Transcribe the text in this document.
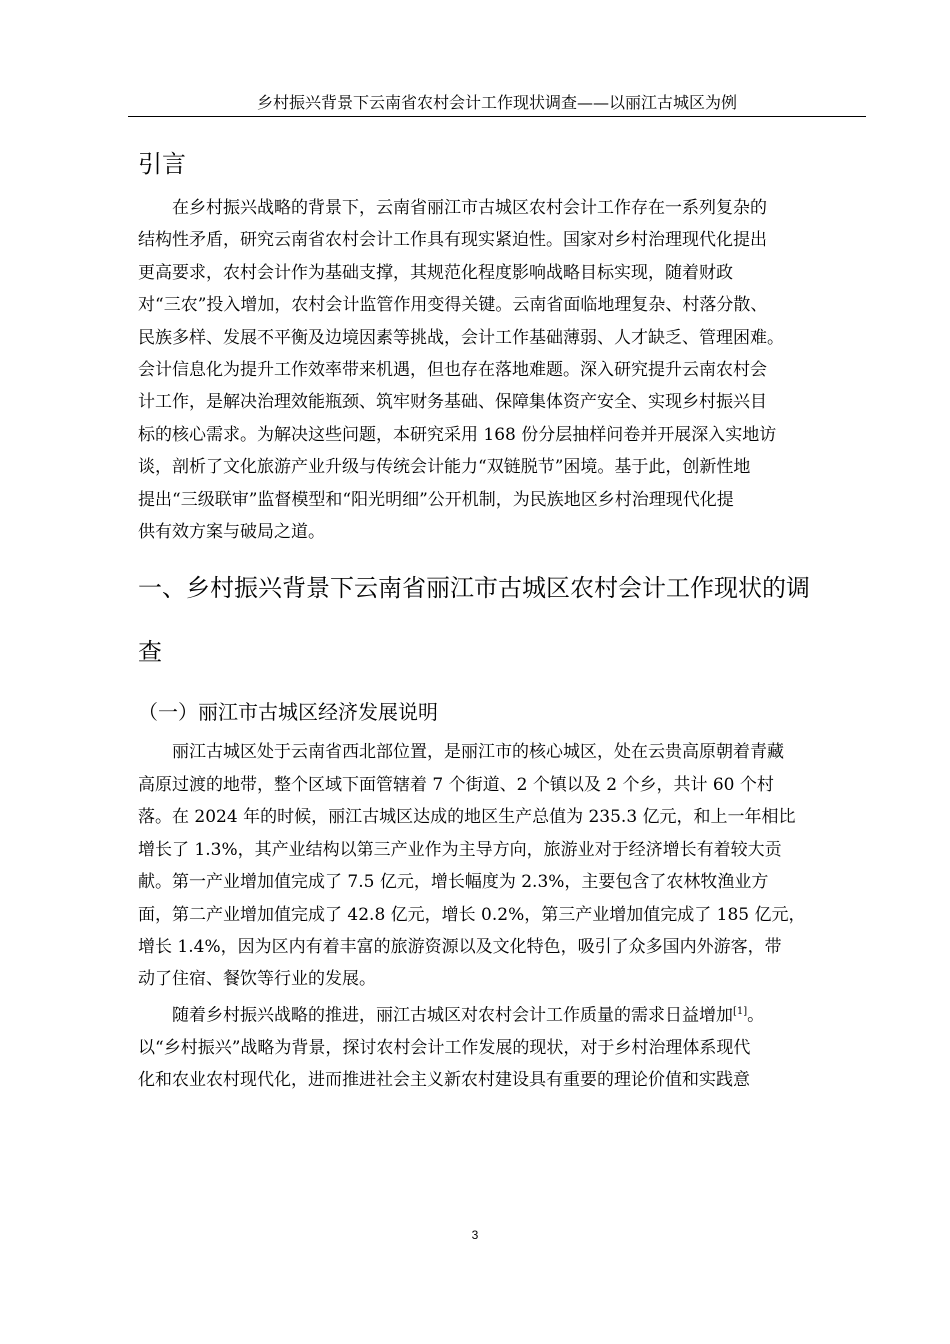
乡村振兴背景下云南省农村会计工作现状调查——以丽江古城区为例
引言

在乡村振兴战略的背景下，云南省丽江市古城区农村会计工作存在一系列复杂的
结构性矛盾，研究云南省农村会计工作具有现实紧迫性。国家对乡村治理现代化提出
更高要求，农村会计作为基础支撑，其规范化程度影响战略目标实现，随着财政
对“三农”投入增加，农村会计监管作用变得关键。云南省面临地理复杂、村落分散、
民族多样、发展不平衡及边境因素等挑战，会计工作基础薄弱、人才缺乏、管理困难。
会计信息化为提升工作效率带来机遇，但也存在落地难题。深入研究提升云南农村会
计工作，是解决治理效能瓶颈、筑牢财务基础、保障集体资产安全、实现乡村振兴目
标的核心需求。为解决这些问题，本研究采用 168 份分层抽样问卷并开展深入实地访
谈，剖析了文化旅游产业升级与传统会计能力“双链脱节”困境。基于此，创新性地
提出“三级联审”监督模型和“阳光明细”公开机制，为民族地区乡村治理现代化提
供有效方案与破局之道。

一、乡村振兴背景下云南省丽江市古城区农村会计工作现状的调
查
（一）丽江市古城区经济发展说明

丽江古城区处于云南省西北部位置，是丽江市的核心城区，处在云贵高原朝着青藏
高原过渡的地带，整个区域下面管辖着 7 个街道、2 个镇以及 2 个乡，共计 60 个村
落。在 2024 年的时候，丽江古城区达成的地区生产总值为 235.3 亿元，和上一年相比
增长了 1.3%，其产业结构以第三产业作为主导方向，旅游业对于经济增长有着较大贡
献。第一产业增加值完成了 7.5 亿元，增长幅度为 2.3%，主要包含了农林牧渔业方
面，第二产业增加值完成了 42.8 亿元，增长 0.2%，第三产业增加值完成了 185 亿元，
增长 1.4%，因为区内有着丰富的旅游资源以及文化特色，吸引了众多国内外游客，带
动了住宿、餐饮等行业的发展。

随着乡村振兴战略的推进，丽江古城区对农村会计工作质量的需求日益增加[1]。
以“乡村振兴”战略为背景，探讨农村会计工作发展的现状，对于乡村治理体系现代
化和农业农村现代化，进而推进社会主义新农村建设具有重要的理论价值和实践意

3
